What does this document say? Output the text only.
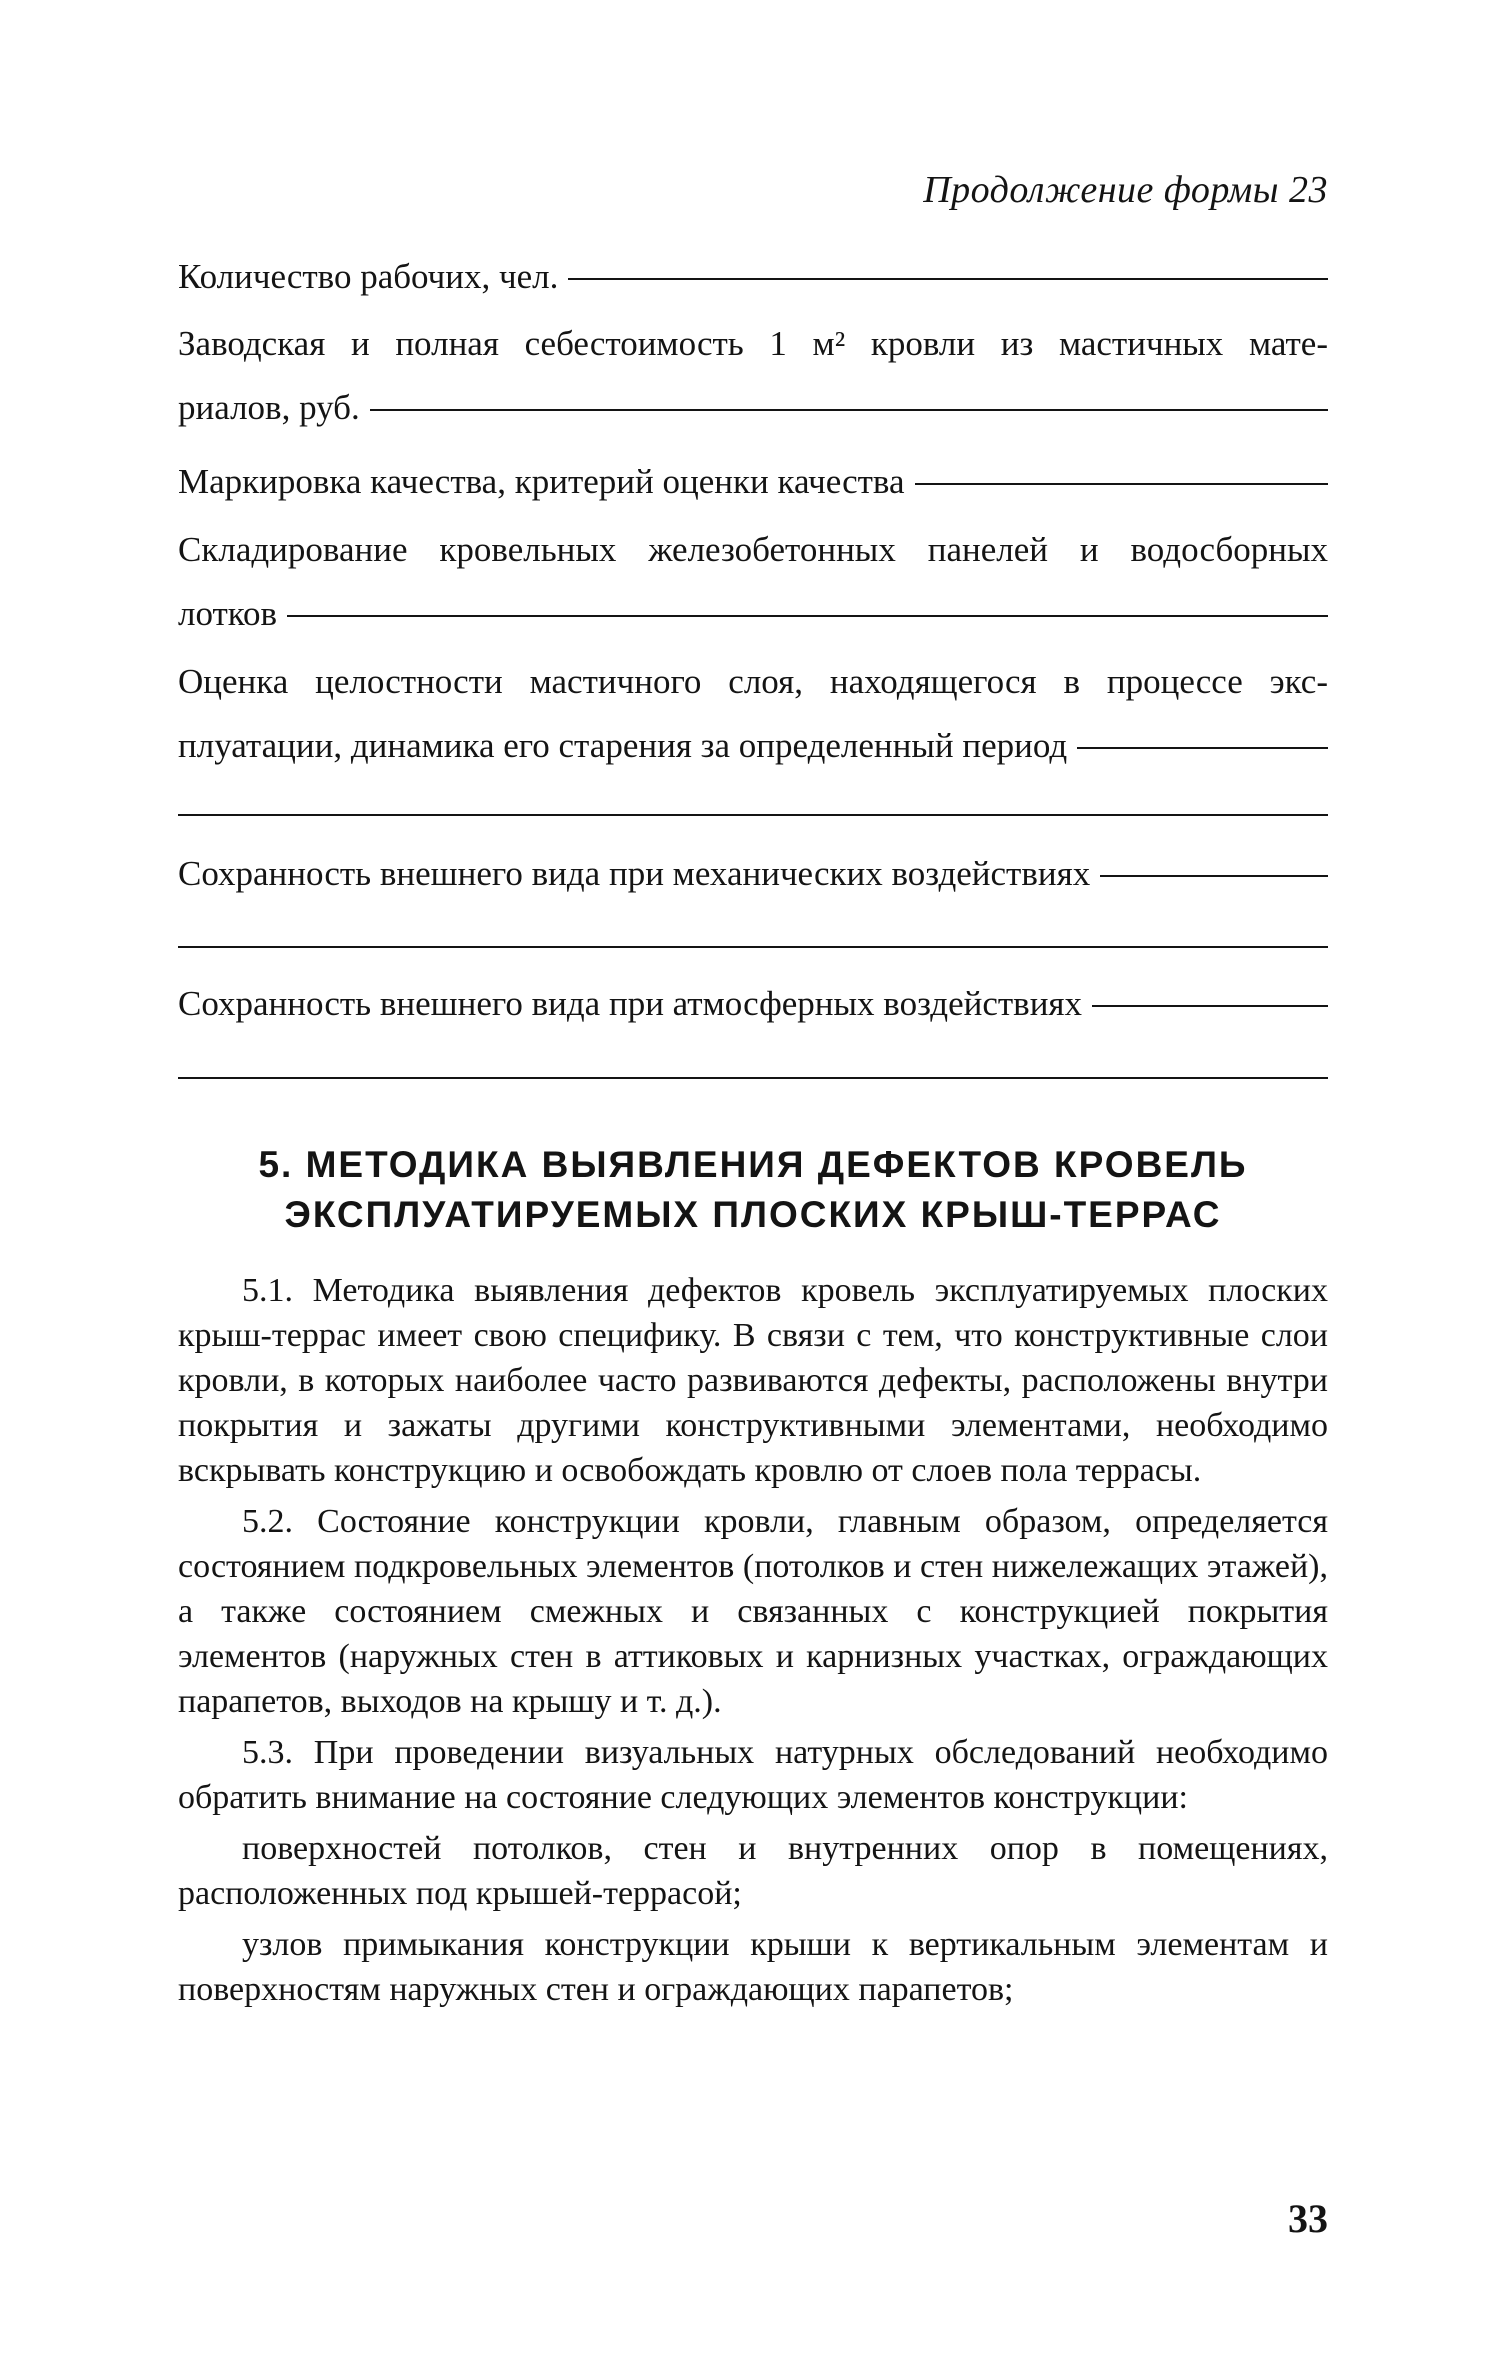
Продолжение формы 23
Количество рабочих, чел.
Заводская и полная себестоимость 1 м² кровли из мастичных мате-
риалов, руб.
Маркировка качества, критерий оценки качества
Складирование кровельных железобетонных панелей и водосборных
лотков
Оценка целостности мастичного слоя, находящегося в процессе экс-
плуатации, динамика его старения за определенный период
Сохранность внешнего вида при механических воздействиях
Сохранность внешнего вида при атмосферных воздействиях
5. МЕТОДИКА ВЫЯВЛЕНИЯ ДЕФЕКТОВ КРОВЕЛЬ
ЭКСПЛУАТИРУЕМЫХ ПЛОСКИХ КРЫШ-ТЕРРАС

5.1. Методика выявления дефектов кровель эксплуатируемых плоских крыш-террас имеет свою специфику. В связи с тем, что конструктивные слои кровли, в которых наиболее часто развиваются дефекты, расположены внутри покрытия и зажаты другими конструктивными элементами, необходимо вскрывать конструкцию и освобождать кровлю от слоев пола террасы.

5.2. Состояние конструкции кровли, главным образом, определяется состоянием подкровельных элементов (потолков и стен нижележащих этажей), а также состоянием смежных и связанных с конструкцией покрытия элементов (наружных стен в аттиковых и карнизных участках, ограждающих парапетов, выходов на крышу и т. д.).

5.3. При проведении визуальных натурных обследований необходимо обратить внимание на состояние следующих элементов конструкции:

поверхностей потолков, стен и внутренних опор в помещениях, расположенных под крышей-террасой;

узлов примыкания конструкции крыши к вертикальным элементам и поверхностям наружных стен и ограждающих парапетов;

33
